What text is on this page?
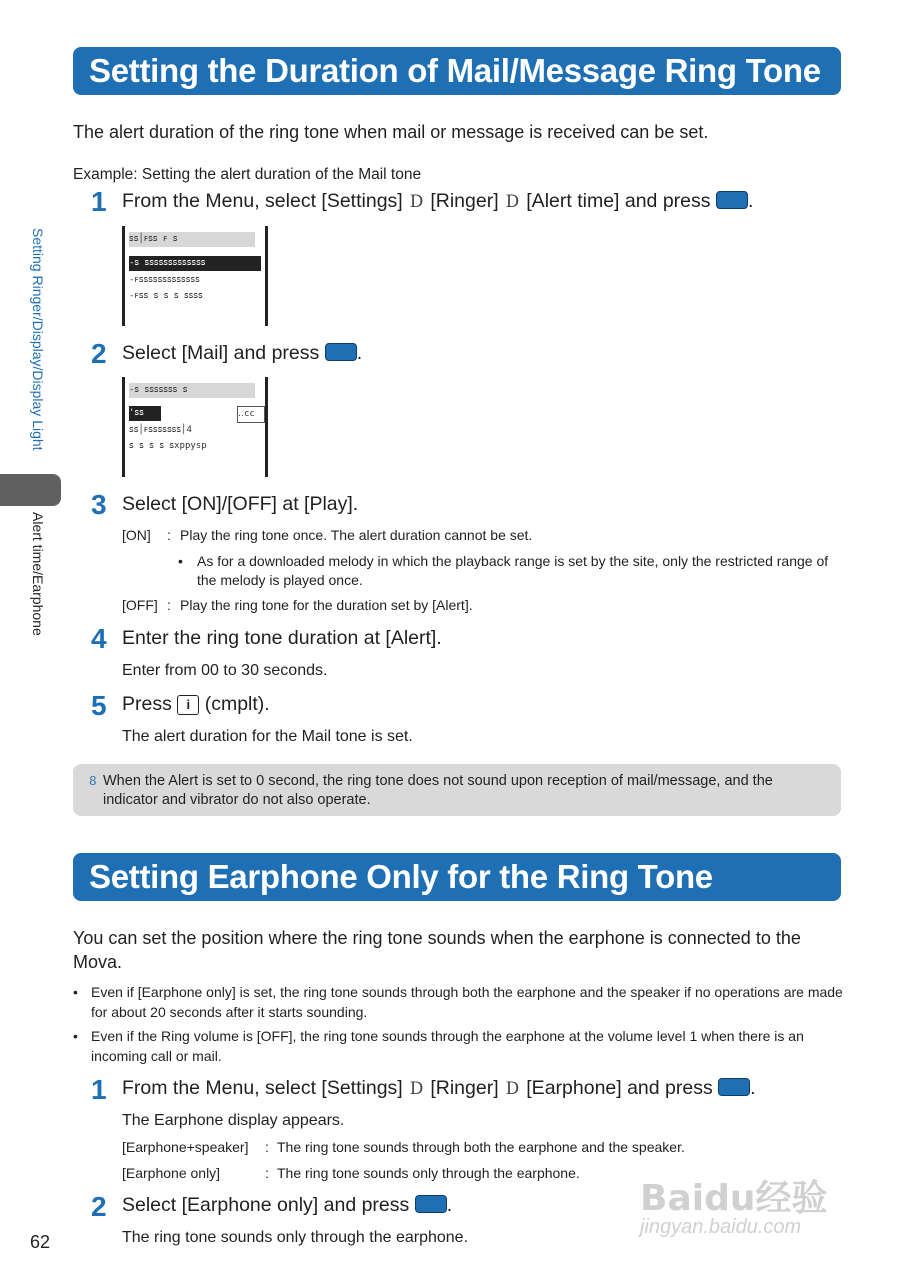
Setting Ringer/Display/Display Light
Alert time/Earphone
Setting the Duration of Mail/Message Ring Tone
The alert duration of the ring tone when mail or message is received can be set.
Example: Setting the alert duration of the Mail tone
1 From the Menu, select [Settings] D [Ringer] D [Alert time] and press .
ꜱꜱ│ꜰꜱꜱ ꜰ ꜱ
-ꜱ ꜱꜱꜱꜱꜱꜱꜱꜱꜱꜱꜱꜱꜱ
-ꜰꜱꜱꜱꜱꜱꜱꜱꜱꜱꜱꜱꜱꜱ
-ꜰꜱꜱ ꜱ ꜱ ꜱ ꜱꜱꜱꜱ
2 Select [Mail] and press .
-ꜱ ꜱꜱꜱꜱꜱꜱꜱ ꜱ
'ꜱꜱ	‥cc
ꜱꜱ│ꜰꜱꜱꜱꜱꜱꜱꜱ│4
ꜱ ꜱ ꜱ ꜱ ꜱxppysp
3 Select [ON]/[OFF] at [Play].
[ON] : Play the ring tone once. The alert duration cannot be set.
• As for a downloaded melody in which the playback range is set by the site, only the restricted range of the melody is played once.
[OFF] : Play the ring tone for the duration set by [Alert].
4 Enter the ring tone duration at [Alert].
Enter from 00 to 30 seconds.
5 Press i (cmplt).
The alert duration for the Mail tone is set.
8 When the Alert is set to 0 second, the ring tone does not sound upon reception of mail/message, and the indicator and vibrator do not also operate.
Setting Earphone Only for the Ring Tone
You can set the position where the ring tone sounds when the earphone is connected to the Mova.
• Even if [Earphone only] is set, the ring tone sounds through both the earphone and the speaker if no operations are made for about 20 seconds after it starts sounding.
• Even if the Ring volume is [OFF], the ring tone sounds through the earphone at the volume level 1 when there is an incoming call or mail.
1 From the Menu, select [Settings] D [Ringer] D [Earphone] and press .
The Earphone display appears.
[Earphone+speaker] : The ring tone sounds through both the earphone and the speaker.
[Earphone only]	: The ring tone sounds only through the earphone.
2 Select [Earphone only] and press .
The ring tone sounds only through the earphone.
62
Baidu经验
jingyan.baidu.com
